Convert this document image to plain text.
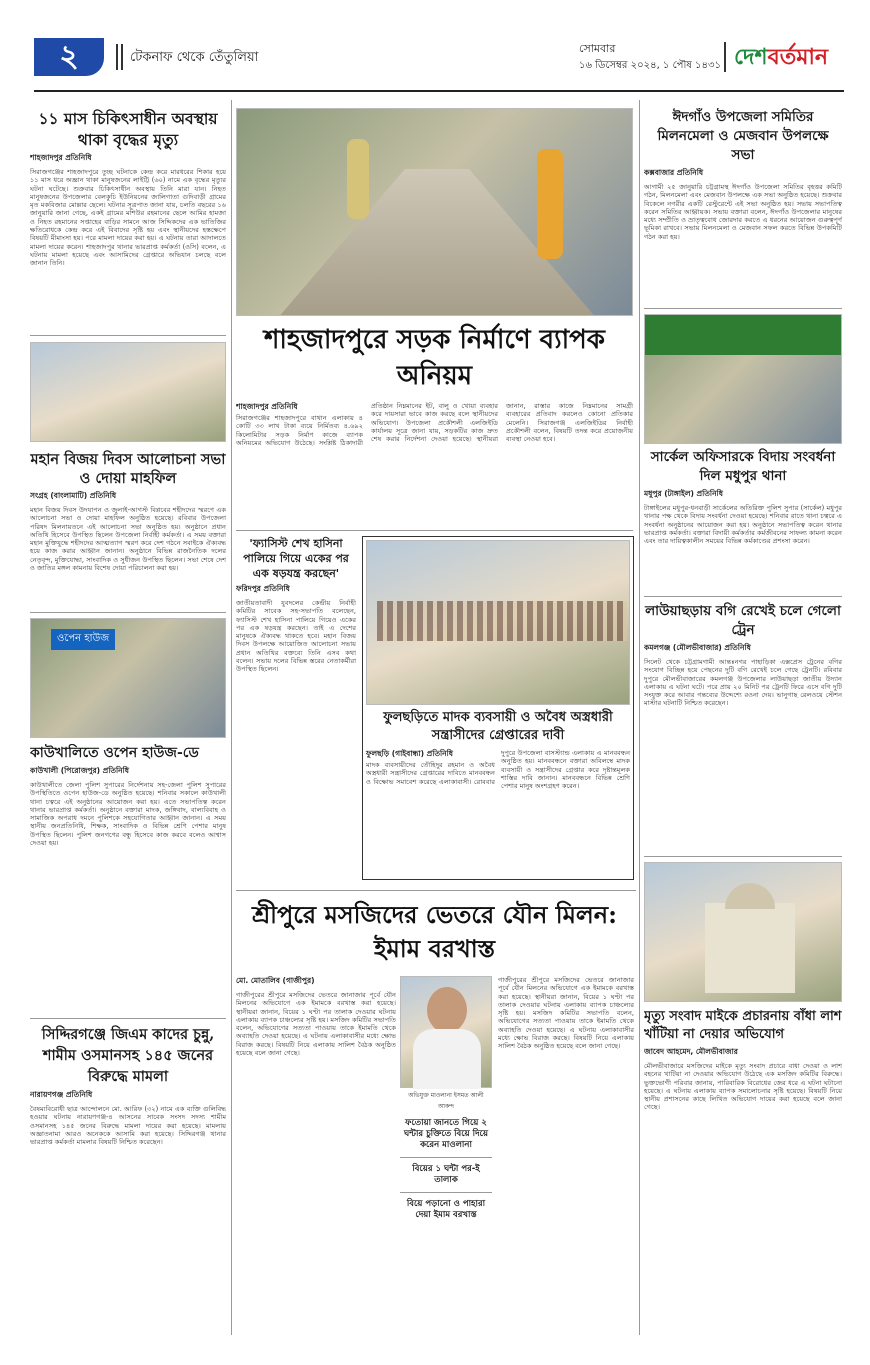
২	টেকনাফ থেকে তেঁতুলিয়া
সোমবার
১৬ ডিসেম্বর ২০২৪, ১ পৌষ ১৪৩১ দেশবর্তমান
১১ মাস চিকিৎসাধীন অবস্থায় থাকা বৃদ্ধের মৃত্যু
শাহজাদপুর প্রতিনিধি
সিরাজগঞ্জের শাহজাদপুরে তুচ্ছ ঘটনাকে কেন্দ্র করে মারধরের শিকার হয়ে ১১ মাস ধরে অজ্ঞান থাকা মানুষজনের লাইট্টি (৬০) নামে এক বৃদ্ধের মৃত্যুর ঘটনা ঘটেছে। শুক্রবার চিকিৎসাধীন অবস্থায় তিনি মারা যান। নিহত মানুষজনের উপজেলার বেলকুচি ইউনিয়নের জালিগাতা গুদিবাড়ী গ্রামের মৃত মকবিজার মোল্লার ছেলে। ঘটনার সূত্রপাত জানা যায়, চলতি বছরের ১৬ জানুয়ারি জানা গেছে, একই গ্রামের মশিউর রহমানের ছেলে আমির হামজা ও নিহত রহমানের সপ্তাহের বাড়ির সামনে আজ সিদ্দিকদের এক ভাতিজির ক্ষতিরোধকে কেন্দ্র করে এই বিবাদের সৃষ্টি হয় এবং স্থানীয়দের হস্তক্ষেপে বিষয়টি মীমাংসা হয়। পরে মামলা দায়ের করা হয়। এ ঘটনায় তারা আদালতে মামলা দায়ের করেন। শাহজাদপুর থানার ভারপ্রাপ্ত কর্মকর্তা (ওসি) বলেন, এ ঘটনায় মামলা হয়েছে এবং আসামিদের গ্রেপ্তারে অভিযান চলছে বলে জানান তিনি।
মহান বিজয় দিবস আলোচনা সভা ও দোয়া মাহফিল
সংগ্রহ (বাংলামাটি) প্রতিনিধি
মহান বিজয় দিবস উদযাপন ও জুলাই-আগস্ট বিপ্লবের শহীদদের স্মরণে এক আলোচনা সভা ও দোয়া মাহফিল অনুষ্ঠিত হয়েছে। রবিবার উপজেলা পরিষদ মিলনায়তনে এই আলোচনা সভা অনুষ্ঠিত হয়। অনুষ্ঠানে প্রধান অতিথি হিসেবে উপস্থিত ছিলেন উপজেলা নির্বাহী কর্মকর্তা। এ সময় বক্তারা মহান মুক্তিযুদ্ধে শহীদদের আত্মত্যাগ স্মরণ করে দেশ গঠনে সবাইকে ঐক্যবদ্ধ হয়ে কাজ করার আহ্বান জানান। অনুষ্ঠানে বিভিন্ন রাজনৈতিক দলের নেতৃবৃন্দ, মুক্তিযোদ্ধা, সাংবাদিক ও সুধীজন উপস্থিত ছিলেন। সভা শেষে দেশ ও জাতির মঙ্গল কামনায় বিশেষ দোয়া পরিচালনা করা হয়।
ওপেন হাউজ
কাউখালিতে ওপেন হাউজ-ডে
কাউখালী (পিরোজপুর) প্রতিনিধি
কাউখালীতে জেলা পুলিশ সুপারের নির্দেশনায় সহ-জেলা পুলিশ সুপারের উপস্থিতিতে ওপেন হাউজ-ডে অনুষ্ঠিত হয়েছে। শনিবার সকালে কাউখালী থানা চত্বরে এই অনুষ্ঠানের আয়োজন করা হয়। এতে সভাপতিত্ব করেন থানার ভারপ্রাপ্ত কর্মকর্তা। অনুষ্ঠানে বক্তারা মাদক, জঙ্গিবাদ, বাল্যবিবাহ ও সামাজিক অপরাধ দমনে পুলিশকে সহযোগিতার আহ্বান জানান। এ সময় স্থানীয় জনপ্রতিনিধি, শিক্ষক, সাংবাদিক ও বিভিন্ন শ্রেণি পেশার মানুষ উপস্থিত ছিলেন। পুলিশ জনগণের বন্ধু হিসেবে কাজ করবে বলেও আশ্বাস দেওয়া হয়।
সিদ্দিরগঞ্জে জিএম কাদের চুন্নু, শামীম ওসমানসহ ১৪৫ জনের বিরুদ্ধে মামলা
নারায়ণগঞ্জ প্রতিনিধি
বৈষম্যবিরোধী ছাত্র আন্দোলনে মো. আরিফ (৩২) নামে এক ব্যক্তি গুলিবিদ্ধ হওয়ার ঘটনায় নারায়ণগঞ্জ-৪ আসনের সাবেক সংসদ সদস্য শামীম ওসমানসহ ১৪৫ জনের বিরুদ্ধে মামলা দায়ের করা হয়েছে। মামলায় অজ্ঞাতনামা আরও অনেককে আসামি করা হয়েছে। সিদ্দিরগঞ্জ থানার ভারপ্রাপ্ত কর্মকর্তা মামলার বিষয়টি নিশ্চিত করেছেন।
শাহজাদপুরে সড়ক নির্মাণে ব্যাপক অনিয়ম
শাহজাদপুর প্রতিনিধি
সিরাজগঞ্জের শাহজাদপুরে বাথান এলাকায় ৪ কোটি ৩৩ লাখ টাকা ব্যয়ে নির্মিতব্য ৪.৬৯২ কিলোমিটার সড়ক নির্মাণ কাজে ব্যাপক অনিয়মের অভিযোগ উঠেছে। সংশ্লিষ্ট ঠিকাদারী প্রতিষ্ঠান নিম্নমানের ইট, বালু ও খোয়া ব্যবহার করে দায়সারা ভাবে কাজ করছে বলে স্থানীয়দের অভিযোগ। উপজেলা প্রকৌশলী এলজিইডি কার্যালয় সূত্রে জানা যায়, সড়কটির কাজ দ্রুত শেষ করার নির্দেশনা দেওয়া হয়েছে। স্থানীয়রা জানান, রাস্তার কাজে নিম্নমানের সামগ্রী ব্যবহারের প্রতিবাদ করলেও কোনো প্রতিকার মেলেনি। সিরাজগঞ্জ এলজিইডির নির্বাহী প্রকৌশলী বলেন, বিষয়টি তদন্ত করে প্রয়োজনীয় ব্যবস্থা নেওয়া হবে।
'ফ্যাসিস্ট শেখ হাসিনা পালিয়ে গিয়ে একের পর এক ষড়যন্ত্র করছেন'
ফরিদপুর প্রতিনিধি
জাতীয়তাবাদী যুবদলের কেন্দ্রীয় নির্বাহী কমিটির সাবেক সহ-সভাপতি বলেছেন, ফ্যাসিস্ট শেখ হাসিনা পালিয়ে গিয়েও একের পর এক ষড়যন্ত্র করছেন। তাই এ দেশের মানুষকে ঐক্যবদ্ধ থাকতে হবে। মহান বিজয় দিবস উপলক্ষে আয়োজিত আলোচনা সভায় প্রধান অতিথির বক্তব্যে তিনি এসব কথা বলেন। সভায় দলের বিভিন্ন স্তরের নেতাকর্মীরা উপস্থিত ছিলেন।
ফুলছড়িতে মাদক ব্যবসায়ী ও অবৈধ অস্ত্রধারী সন্ত্রাসীদের গ্রেপ্তারের দাবী
ফুলছড়ি (গাইবান্ধা) প্রতিনিধি
মাদক ব্যবসায়ীদের তৌহিদুর রহমান ও অবৈধ অস্ত্রধারী সন্ত্রাসীদের গ্রেপ্তারের দাবিতে মানববন্ধন ও বিক্ষোভ সমাবেশ করেছে এলাকাবাসী। রোববার দুপুরে উপজেলা বাসস্ট্যান্ড এলাকায় এ মানববন্ধন অনুষ্ঠিত হয়। মানববন্ধনে বক্তারা অবিলম্বে মাদক ব্যবসায়ী ও সন্ত্রাসীদের গ্রেপ্তার করে দৃষ্টান্তমূলক শাস্তির দাবি জানান। মানববন্ধনে বিভিন্ন শ্রেণি পেশার মানুষ অংশগ্রহণ করেন।
শ্রীপুরে মসজিদের ভেতরে যৌন মিলন: ইমাম বরখাস্ত
মো. মোতালিব (গাজীপুর)
গাজীপুরের শ্রীপুরে মসজিদের ভেতরে জানাজার পূর্বে যৌন মিলনের অভিযোগে এক ইমামকে বরখাস্ত করা হয়েছে। স্থানীয়রা জানান, বিয়ের ১ ঘণ্টা পর তালাক দেওয়ার ঘটনায় এলাকায় ব্যাপক চাঞ্চল্যের সৃষ্টি হয়। মসজিদ কমিটির সভাপতি বলেন, অভিযোগের সত্যতা পাওয়ায় তাকে ইমামতি থেকে অব্যাহতি দেওয়া হয়েছে। এ ঘটনায় এলাকাবাসীর মধ্যে ক্ষোভ বিরাজ করছে। বিষয়টি নিয়ে এলাকায় সালিশ বৈঠক অনুষ্ঠিত হয়েছে বলে জানা গেছে।
অভিযুক্ত মাওলানা ইসমত আলী আকন্দ
ফতোয়া জানতে গিয়ে ২ ঘন্টার চুক্তিতে বিয়ে দিয়ে করেন মাওলানা
বিয়ের ১ ঘন্টা পর-ই তালাক
বিয়ে পড়ানো ও পাহারা দেয়া ইমাম বরখাস্ত
গাজীপুরের শ্রীপুরে মসজিদের ভেতরে জানাজার পূর্বে যৌন মিলনের অভিযোগে এক ইমামকে বরখাস্ত করা হয়েছে। স্থানীয়রা জানান, বিয়ের ১ ঘণ্টা পর তালাক দেওয়ার ঘটনায় এলাকায় ব্যাপক চাঞ্চল্যের সৃষ্টি হয়। মসজিদ কমিটির সভাপতি বলেন, অভিযোগের সত্যতা পাওয়ায় তাকে ইমামতি থেকে অব্যাহতি দেওয়া হয়েছে। এ ঘটনায় এলাকাবাসীর মধ্যে ক্ষোভ বিরাজ করছে। বিষয়টি নিয়ে এলাকায় সালিশ বৈঠক অনুষ্ঠিত হয়েছে বলে জানা গেছে।
ঈদগাঁও উপজেলা সমিতির মিলনমেলা ও মেজবান উপলক্ষে সভা
কক্সবাজার প্রতিনিধি
আগামী ২৫ জানুয়ারি চট্টগ্রামস্থ ঈদগাঁও উপজেলা সমিতির বৃহত্তর কমিটি গঠন, মিলনমেলা এবং মেজবান উপলক্ষে এক সভা অনুষ্ঠিত হয়েছে। শুক্রবার বিকেলে নগরীর একটি রেস্টুরেন্টে এই সভা অনুষ্ঠিত হয়। সভায় সভাপতিত্ব করেন সমিতির আহ্বায়ক। সভায় বক্তারা বলেন, ঈদগাঁও উপজেলার মানুষের মধ্যে সম্প্রীতি ও ভ্রাতৃত্ববোধ জোরদার করতে এ ধরনের আয়োজন গুরুত্বপূর্ণ ভূমিকা রাখবে। সভায় মিলনমেলা ও মেজবান সফল করতে বিভিন্ন উপকমিটি গঠন করা হয়।
সার্কেল অফিসারকে বিদায় সংবর্ধনা দিল মধুপুর থানা
মধুপুর (টাঙ্গাইল) প্রতিনিধি
টাঙ্গাইলের মধুপুর-ধনবাড়ী সার্কেলের অতিরিক্ত পুলিশ সুপার (সার্কেল) মধুপুর থানার পক্ষ থেকে বিদায় সংবর্ধনা দেওয়া হয়েছে। শনিবার রাতে থানা চত্বরে এ সংবর্ধনা অনুষ্ঠানের আয়োজন করা হয়। অনুষ্ঠানে সভাপতিত্ব করেন থানার ভারপ্রাপ্ত কর্মকর্তা। বক্তারা বিদায়ী কর্মকর্তার কর্মজীবনের সাফল্য কামনা করেন এবং তার দায়িত্বকালীন সময়ের বিভিন্ন কর্মকাণ্ডের প্রশংসা করেন।
লাউয়াছড়ায় বগি রেখেই চলে গেলো ট্রেন
কমলগঞ্জ (মৌলভীবাজার) প্রতিনিধি
সিলেট থেকে চট্টগ্রামগামী আন্তঃনগর পাহাড়িকা এক্সপ্রেস ট্রেনের বগির সংযোগ বিচ্ছিন্ন হয়ে পেছনের দুটি বগি রেখেই চলে গেছে ট্রেনটি। রবিবার দুপুরে মৌলভীবাজারের কমলগঞ্জ উপজেলার লাউয়াছড়া জাতীয় উদ্যান এলাকায় এ ঘটনা ঘটে। পরে প্রায় ২০ মিনিট পর ট্রেনটি ফিরে এসে বগি দুটি সংযুক্ত করে আবার গন্তব্যের উদ্দেশ্যে রওনা দেয়। ভানুগাছ রেলওয়ে স্টেশন মাস্টার ঘটনাটি নিশ্চিত করেছেন।
মৃত্যু সংবাদ মাইকে প্রচারনায় বাঁধা লাশ খাঁটিয়া না দেয়ার অভিযোগ
জাবেদ আহমেদ, মৌলভীবাজার
মৌলভীবাজারে মসজিদের মাইকে মৃত্যু সংবাদ প্রচারে বাধা দেওয়া ও লাশ বহনের খাটিয়া না দেওয়ার অভিযোগ উঠেছে এক মসজিদ কমিটির বিরুদ্ধে। ভুক্তভোগী পরিবার জানায়, পারিবারিক বিরোধের জের ধরে এ ঘটনা ঘটানো হয়েছে। এ ঘটনায় এলাকায় ব্যাপক সমালোচনার সৃষ্টি হয়েছে। বিষয়টি নিয়ে স্থানীয় প্রশাসনের কাছে লিখিত অভিযোগ দায়ের করা হয়েছে বলে জানা গেছে।
